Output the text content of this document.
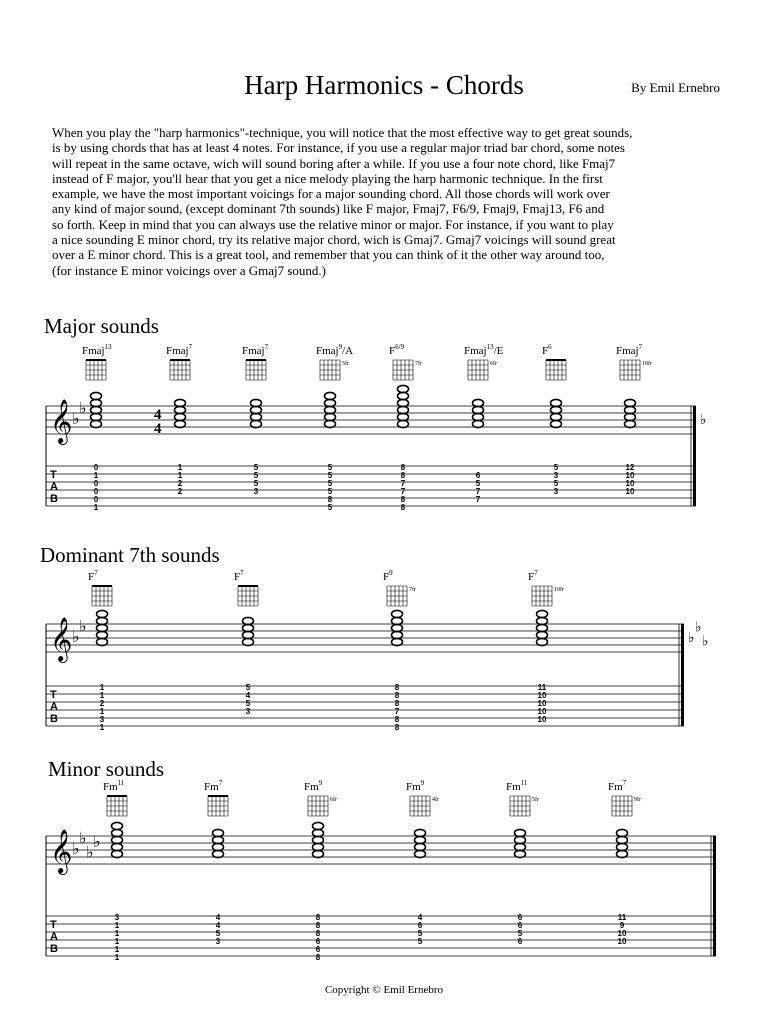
Harp Harmonics - Chords	By Emil Ernebro

When you play the "harp harmonics"-technique, you will notice that the most effective way to get great sounds,
is by using chords that has at least 4 notes. For instance, if you use a regular major triad bar chord, some notes
will repeat in the same octave, wich will sound boring after a while. If you use a four note chord, like Fmaj7
instead of F major, you'll hear that you get a nice melody playing the harp harmonic technique. In the first
example, we have the most important voicings for a major sounding chord. All those chords will work over
any kind of major sound, (except dominant 7th sounds) like F major, Fmaj7, F6/9, Fmaj9, Fmaj13, F6 and
so forth. Keep in mind that you can always use the relative minor or major. For instance, if you want to play
a nice sounding E minor chord, try its relative major chord, wich is Gmaj7. Gmaj7 voicings will sound great
over a E minor chord. This is a great tool, and remember that you can think of it the other way around too,
(for instance E minor voicings over a Gmaj7 sound.)

Major sounds
Dominant 7th sounds
Minor sounds
Fmaj$^{13}$
0
1
0
0
0
1
Fmaj$^7$
1
1
2
2
Fmaj$^7$
5
5
5
3
Fmaj$^9$/A
5fr
5
5
5
5
8
5
$F^{6/9}$
7fr
8
8
7
7
8
8
Fmaj$^{13}$/E
6fr
6
5
7
7
$F^6$
5
3
5
3
Fmaj$^7$
10fr
12
10
10
10
𝄞 ♭
♭	4
4
T
A
B
♭
$F^7$
1
1
2
1
3
1
$F^7$
5
4
5
3
$F^9$
7fr
8
8
8
7
8
8
$F^7$
10fr
11
10
10
10
10
𝄞 ♭
♭
T
A
B
♭
♭
♭
Fm$^{11}$
3
1
1
1
1
1
Fm$^7$
4
4
5
3
Fm$^9$
6fr
8
8
8
6
6
8
Fm$^9$
4fr
4
6
5
5
Fm$^{11}$
5fr
6
6
5
6
Fm$^7$
9fr
11
9
10
10
𝄞 ♭
♭
♭
♭
T
A
B
Copyright © Emil Ernebro
